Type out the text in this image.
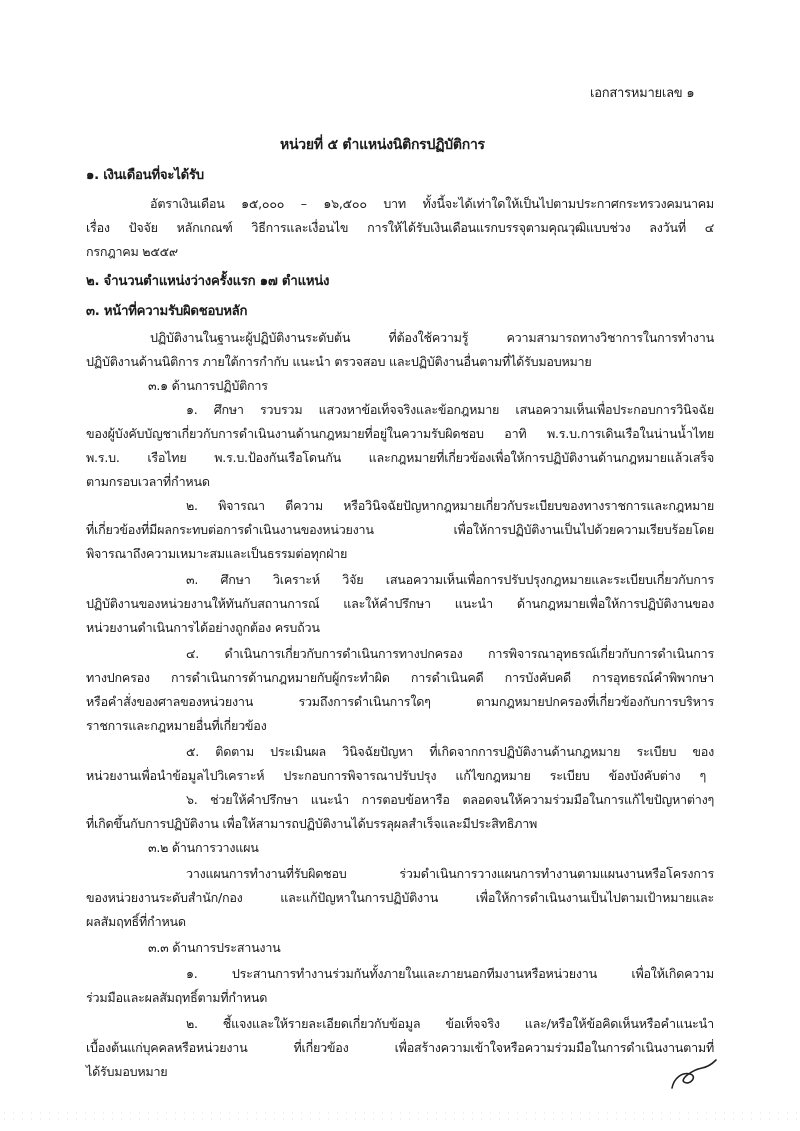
เอกสารหมายเลข ๑
หน่วยที่ ๕ ตำแหน่งนิติกรปฏิบัติการ
๑. เงินเดือนที่จะได้รับ
อัตราเงินเดือน ๑๕,๐๐๐ – ๑๖,๕๐๐ บาท ทั้งนี้จะได้เท่าใดให้เป็นไปตามประกาศกระทรวงคมนาคม
เรื่อง ปัจจัย หลักเกณฑ์ วิธีการและเงื่อนไข การให้ได้รับเงินเดือนแรกบรรจุตามคุณวุฒิแบบช่วง ลงวันที่ ๔
กรกฎาคม ๒๕๕๙
๒. จำนวนตำแหน่งว่างครั้งแรก ๑๗ ตำแหน่ง
๓. หน้าที่ความรับผิดชอบหลัก
ปฏิบัติงานในฐานะผู้ปฏิบัติงานระดับต้น ที่ต้องใช้ความรู้ ความสามารถทางวิชาการในการทำงาน
ปฏิบัติงานด้านนิติการ ภายใต้การกำกับ แนะนำ ตรวจสอบ และปฏิบัติงานอื่นตามที่ได้รับมอบหมาย
๓.๑ ด้านการปฏิบัติการ
๑. ศึกษา รวบรวม แสวงหาข้อเท็จจริงและข้อกฎหมาย เสนอความเห็นเพื่อประกอบการวินิจฉัย
ของผู้บังคับบัญชาเกี่ยวกับการดำเนินงานด้านกฎหมายที่อยู่ในความรับผิดชอบ อาทิ พ.ร.บ.การเดินเรือในน่านน้ำไทย
พ.ร.บ. เรือไทย พ.ร.บ.ป้องกันเรือโดนกัน และกฎหมายที่เกี่ยวข้องเพื่อให้การปฏิบัติงานด้านกฎหมายแล้วเสร็จ
ตามกรอบเวลาที่กำหนด
๒. พิจารณา ตีความ หรือวินิจฉัยปัญหากฎหมายเกี่ยวกับระเบียบของทางราชการและกฎหมาย
ที่เกี่ยวข้องที่มีผลกระทบต่อการดำเนินงานของหน่วยงาน เพื่อให้การปฏิบัติงานเป็นไปด้วยความเรียบร้อยโดย
พิจารณาถึงความเหมาะสมและเป็นธรรมต่อทุกฝ่าย
๓. ศึกษา วิเคราะห์ วิจัย เสนอความเห็นเพื่อการปรับปรุงกฎหมายและระเบียบเกี่ยวกับการ
ปฏิบัติงานของหน่วยงานให้ทันกับสถานการณ์ และให้คำปรึกษา แนะนำ ด้านกฎหมายเพื่อให้การปฏิบัติงานของ
หน่วยงานดำเนินการได้อย่างถูกต้อง ครบถ้วน
๔. ดำเนินการเกี่ยวกับการดำเนินการทางปกครอง การพิจารณาอุทธรณ์เกี่ยวกับการดำเนินการ
ทางปกครอง การดำเนินการด้านกฎหมายกับผู้กระทำผิด การดำเนินคดี การบังคับคดี การอุทธรณ์คำพิพากษา
หรือคำสั่งของศาลของหน่วยงาน รวมถึงการดำเนินการใดๆ ตามกฎหมายปกครองที่เกี่ยวข้องกับการบริหาร
ราชการและกฎหมายอื่นที่เกี่ยวข้อง
๕. ติดตาม ประเมินผล วินิจฉัยปัญหา ที่เกิดจากการปฏิบัติงานด้านกฎหมาย ระเบียบ ของ
หน่วยงานเพื่อนำข้อมูลไปวิเคราะห์ ประกอบการพิจารณาปรับปรุง แก้ไขกฎหมาย ระเบียบ ข้องบังคับต่าง ๆ
๖. ช่วยให้คำปรึกษา แนะนำ การตอบข้อหารือ ตลอดจนให้ความร่วมมือในการแก้ไขปัญหาต่างๆ
ที่เกิดขึ้นกับการปฏิบัติงาน เพื่อให้สามารถปฏิบัติงานได้บรรลุผลสำเร็จและมีประสิทธิภาพ
๓.๒ ด้านการวางแผน
วางแผนการทำงานที่รับผิดชอบ ร่วมดำเนินการวางแผนการทำงานตามแผนงานหรือโครงการ
ของหน่วยงานระดับสำนัก/กอง และแก้ปัญหาในการปฏิบัติงาน เพื่อให้การดำเนินงานเป็นไปตามเป้าหมายและ
ผลสัมฤทธิ์ที่กำหนด
๓.๓ ด้านการประสานงาน
๑. ประสานการทำงานร่วมกันทั้งภายในและภายนอกทีมงานหรือหน่วยงาน เพื่อให้เกิดความ
ร่วมมือและผลสัมฤทธิ์ตามที่กำหนด
๒. ชี้แจงและให้รายละเอียดเกี่ยวกับข้อมูล ข้อเท็จจริง และ/หรือให้ข้อคิดเห็นหรือคำแนะนำ
เบื้องต้นแก่บุคคลหรือหน่วยงาน ที่เกี่ยวข้อง เพื่อสร้างความเข้าใจหรือความร่วมมือในการดำเนินงานตามที่
ได้รับมอบหมาย
